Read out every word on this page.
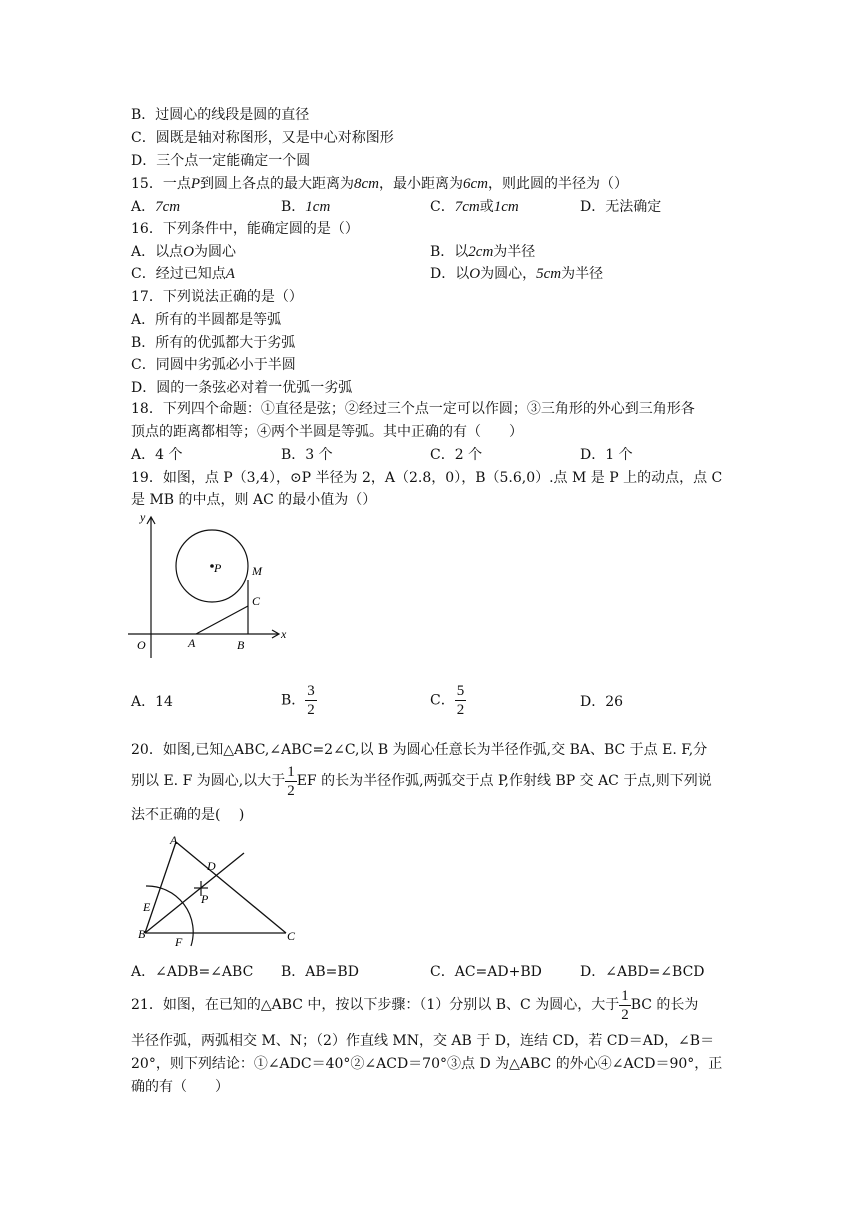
B．过圆心的线段是圆的直径
C．圆既是轴对称图形，又是中心对称图形
D．三个点一定能确定一个圆
15．一点P到圆上各点的最大距离为8cm，最小距离为6cm，则此圆的半径为（）
A．7cm	B．1cm	C．7cm或1cm	D．无法确定
16．下列条件中，能确定圆的是（）
A．以点O为圆心	B．以2cm为半径
C．经过已知点A	D．以O为圆心，5cm为半径
17．下列说法正确的是（）
A．所有的半圆都是等弧
B．所有的优弧都大于劣弧
C．同圆中劣弧必小于半圆
D．圆的一条弦必对着一优弧一劣弧
18．下列四个命题：①直径是弦；②经过三个点一定可以作圆；③三角形的外心到三角形各
顶点的距离都相等；④两个半圆是等弧。其中正确的有（　　）
A．4 个	B．3 个	C．2 个	D．1 个
19．如图，点 P（3,4），⊙P 半径为 2，A（2.8，0），B（5.6,0）.点 M 是 P 上的动点，点 C
是 MB 的中点，则 AC 的最小值为（）
y
x
O
P	M
C
A	B
A．14	B． $\frac{3}{2}$	C． $\frac{5}{2}$	D．26
20．如图,已知△ABC,∠ABC=2∠C,以 B 为圆心任意长为半径作弧,交 BA、BC 于点 E. F,分
别以 E. F 为圆心,以大于 $\frac{1}{2}$ EF 的长为半径作弧,两弧交于点 P,作射线 BP 交 AC 于点,则下列说
法不正确的是(　 )
A
B	C
D
E
F
P
A．∠ADB=∠ABC B．AB=BD	C．AC=AD+BD	D．∠ABD=∠BCD
21．如图，在已知的△ABC 中，按以下步骤：（1）分别以 B、C 为圆心，大于 $\frac{1}{2}$ BC 的长为
半径作弧，两弧相交 M、N；（2）作直线 MN，交 AB 于 D，连结 CD，若 CD＝AD，∠B＝
20°，则下列结论：①∠ADC＝40°②∠ACD＝70°③点 D 为△ABC 的外心④∠ACD＝90°，正
确的有（　　）
